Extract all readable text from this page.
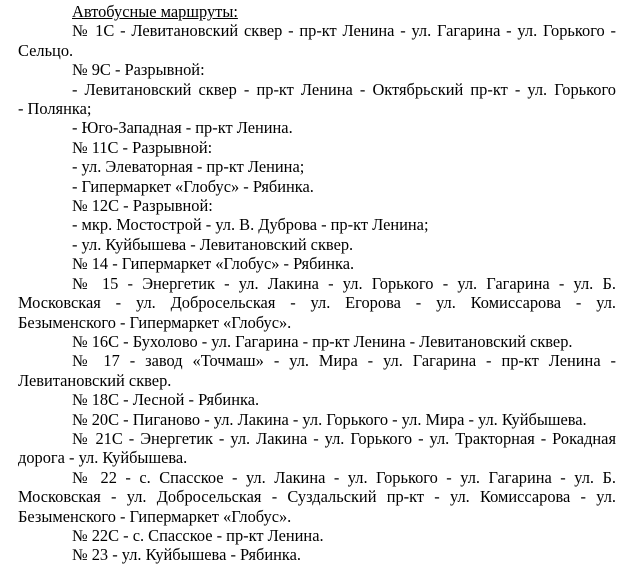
Автобусные маршруты:
№ 1С - Левитановский сквер - пр-кт Ленина - ул. Гагарина - ул. Горького -
Сельцо.
№ 9С - Разрывной:
- Левитановский сквер - пр-кт Ленина - Октябрьский пр-кт - ул. Горького
- Полянка;
- Юго-Западная - пр-кт Ленина.
№ 11С - Разрывной:
- ул. Элеваторная - пр-кт Ленина;
- Гипермаркет «Глобус» - Рябинка.
№ 12С - Разрывной:
- мкр. Мостострой - ул. В. Дуброва - пр-кт Ленина;
- ул. Куйбышева - Левитановский сквер.
№ 14 - Гипермаркет «Глобус» - Рябинка.
№ 15 - Энергетик - ул. Лакина - ул. Горького - ул. Гагарина - ул. Б.
Московская - ул. Добросельская - ул. Егорова - ул. Комиссарова - ул.
Безыменского - Гипермаркет «Глобус».
№ 16С - Бухолово - ул. Гагарина - пр-кт Ленина - Левитановский сквер.
№ 17 - завод «Точмаш» - ул. Мира - ул. Гагарина - пр-кт Ленина -
Левитановский сквер.
№ 18С - Лесной - Рябинка.
№ 20С - Пиганово - ул. Лакина - ул. Горького - ул. Мира - ул. Куйбышева.
№ 21С - Энергетик - ул. Лакина - ул. Горького - ул. Тракторная - Рокадная
дорога - ул. Куйбышева.
№ 22 - с. Спасское - ул. Лакина - ул. Горького - ул. Гагарина - ул. Б.
Московская - ул. Добросельская - Суздальский пр-кт - ул. Комиссарова - ул.
Безыменского - Гипермаркет «Глобус».
№ 22С - с. Спасское - пр-кт Ленина.
№ 23 - ул. Куйбышева - Рябинка.
